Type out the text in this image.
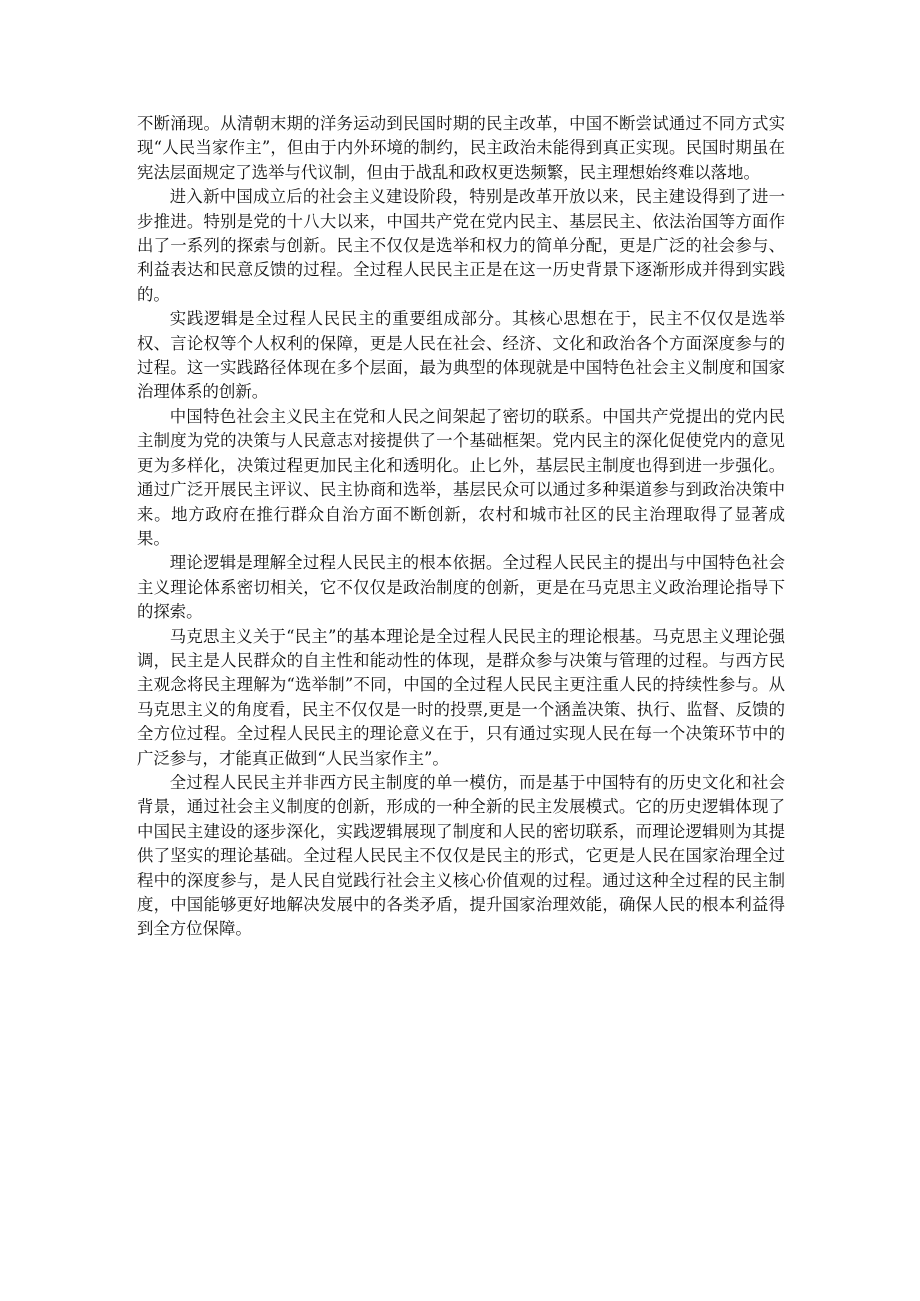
不断涌现。从清朝末期的洋务运动到民国时期的民主改革，中国不断尝试通过不同方式实现“人民当家作主”，但由于内外环境的制约，民主政治未能得到真正实现。民国时期虽在宪法层面规定了选举与代议制，但由于战乱和政权更迭频繁，民主理想始终难以落地。

进入新中国成立后的社会主义建设阶段，特别是改革开放以来，民主建设得到了进一步推进。特别是党的十八大以来，中国共产党在党内民主、基层民主、依法治国等方面作出了一系列的探索与创新。民主不仅仅是选举和权力的简单分配，更是广泛的社会参与、利益表达和民意反馈的过程。全过程人民民主正是在这一历史背景下逐渐形成并得到实践的。

实践逻辑是全过程人民民主的重要组成部分。其核心思想在于，民主不仅仅是选举权、言论权等个人权利的保障，更是人民在社会、经济、文化和政治各个方面深度参与的过程。这一实践路径体现在多个层面，最为典型的体现就是中国特色社会主义制度和国家治理体系的创新。

中国特色社会主义民主在党和人民之间架起了密切的联系。中国共产党提出的党内民主制度为党的决策与人民意志对接提供了一个基础框架。党内民主的深化促使党内的意见更为多样化，决策过程更加民主化和透明化。止匕外，基层民主制度也得到进一步强化。通过广泛开展民主评议、民主协商和选举，基层民众可以通过多种渠道参与到政治决策中来。地方政府在推行群众自治方面不断创新，农村和城市社区的民主治理取得了显著成果。

理论逻辑是理解全过程人民民主的根本依据。全过程人民民主的提出与中国特色社会主义理论体系密切相关，它不仅仅是政治制度的创新，更是在马克思主义政治理论指导下的探索。

马克思主义关于“民主”的基本理论是全过程人民民主的理论根基。马克思主义理论强调，民主是人民群众的自主性和能动性的体现，是群众参与决策与管理的过程。与西方民主观念将民主理解为“选举制”不同，中国的全过程人民民主更注重人民的持续性参与。从马克思主义的角度看，民主不仅仅是一时的投票,更是一个涵盖决策、执行、监督、反馈的全方位过程。全过程人民民主的理论意义在于，只有通过实现人民在每一个决策环节中的广泛参与，才能真正做到“人民当家作主”。

全过程人民民主并非西方民主制度的单一模仿，而是基于中国特有的历史文化和社会背景，通过社会主义制度的创新，形成的一种全新的民主发展模式。它的历史逻辑体现了中国民主建设的逐步深化，实践逻辑展现了制度和人民的密切联系，而理论逻辑则为其提供了坚实的理论基础。全过程人民民主不仅仅是民主的形式，它更是人民在国家治理全过程中的深度参与，是人民自觉践行社会主义核心价值观的过程。通过这种全过程的民主制度，中国能够更好地解决发展中的各类矛盾，提升国家治理效能，确保人民的根本利益得到全方位保障。
